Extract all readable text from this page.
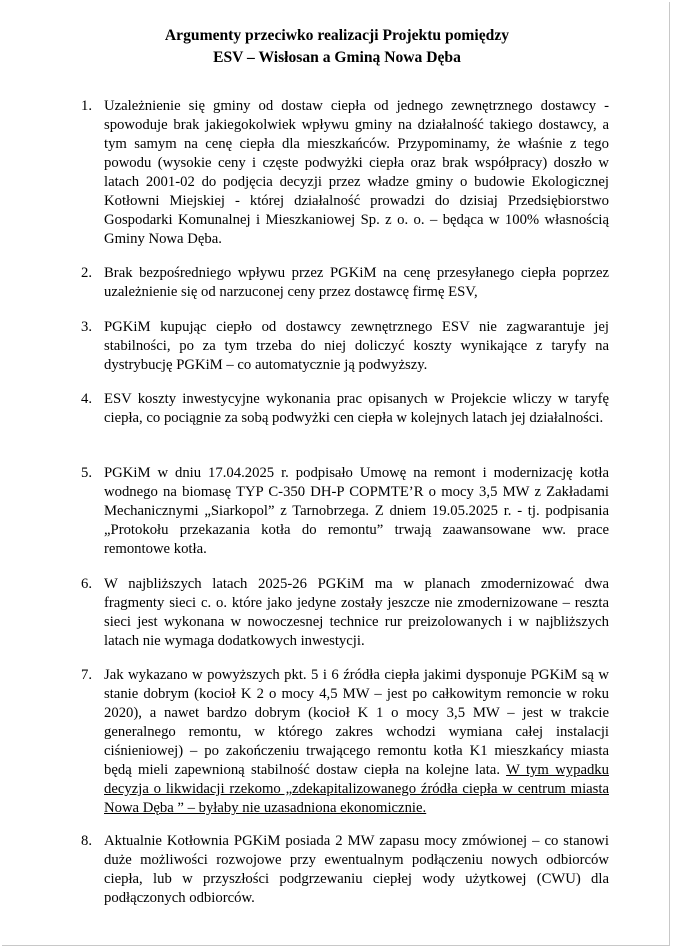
Argumenty przeciwko realizacji Projektu pomiędzy
ESV – Wisłosan a Gminą Nowa Dęba
1. Uzależnienie się gminy od dostaw ciepła od jednego zewnętrznego dostawcy - spowoduje brak jakiegokolwiek wpływu gminy na działalność takiego dostawcy, a tym samym na cenę ciepła dla mieszkańców. Przypominamy, że właśnie z tego powodu (wysokie ceny i częste podwyżki ciepła oraz brak współpracy) doszło w latach 2001-02 do podjęcia decyzji przez władze gminy o budowie Ekologicznej Kotłowni Miejskiej - której działalność prowadzi do dzisiaj Przedsiębiorstwo Gospodarki Komunalnej i Mieszkaniowej Sp. z o. o. – będąca w 100% własnością Gminy Nowa Dęba.
2. Brak bezpośredniego wpływu przez PGKiM na cenę przesyłanego ciepła poprzez uzależnienie się od narzuconej ceny przez dostawcę firmę ESV,
3. PGKiM kupując ciepło od dostawcy zewnętrznego ESV nie zagwarantuje jej stabilności, po za tym trzeba do niej doliczyć koszty wynikające z taryfy na dystrybucję PGKiM – co automatycznie ją podwyższy.
4. ESV koszty inwestycyjne wykonania prac opisanych w Projekcie wliczy w taryfę ciepła, co pociągnie za sobą podwyżki cen ciepła w kolejnych latach jej działalności.
5. PGKiM w dniu 17.04.2025 r. podpisało Umowę na remont i modernizację kotła wodnego na biomasę TYP C-350 DH-P COPMTE’R o mocy 3,5 MW z Zakładami Mechanicznymi „Siarkopol” z Tarnobrzega. Z dniem 19.05.2025 r. - tj. podpisania „Protokołu przekazania kotła do remontu” trwają zaawansowane ww. prace remontowe kotła.
6. W najbliższych latach 2025-26 PGKiM ma w planach zmodernizować dwa fragmenty sieci c. o. które jako jedyne zostały jeszcze nie zmodernizowane – reszta sieci jest wykonana w nowoczesnej technice rur preizolowanych i w najbliższych latach nie wymaga dodatkowych inwestycji.
7. Jak wykazano w powyższych pkt. 5 i 6 źródła ciepła jakimi dysponuje PGKiM są w stanie dobrym (kocioł K 2 o mocy 4,5 MW – jest po całkowitym remoncie w roku 2020), a nawet bardzo dobrym (kocioł K 1 o mocy 3,5 MW – jest w trakcie generalnego remontu, w którego zakres wchodzi wymiana całej instalacji ciśnieniowej) – po zakończeniu trwającego remontu kotła K1 mieszkańcy miasta będą mieli zapewnioną stabilność dostaw ciepła na kolejne lata. W tym wypadku decyzja o likwidacji rzekomo „zdekapitalizowanego źródła ciepła w centrum miasta Nowa Dęba ” – byłaby nie uzasadniona ekonomicznie.
8. Aktualnie Kotłownia PGKiM posiada 2 MW zapasu mocy zmówionej – co stanowi duże możliwości rozwojowe przy ewentualnym podłączeniu nowych odbiorców ciepła, lub w przyszłości podgrzewaniu ciepłej wody użytkowej (CWU) dla podłączonych odbiorców.
